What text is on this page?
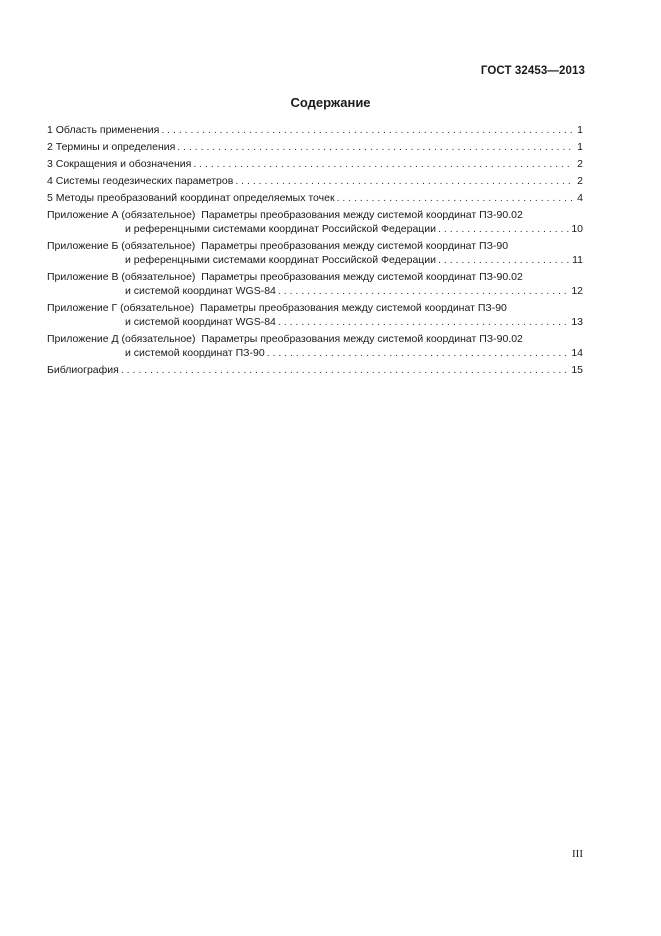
ГОСТ 32453—2013
Содержание
1 Область применения . . .	1
2 Термины и определения . . .	1
3 Сокращения и обозначения . . .	2
4 Системы геодезических параметров . . .	2
5 Методы преобразований координат определяемых точек . . .	4
Приложение А (обязательное) Параметры преобразования между системой координат ПЗ-90.02
и референцными системами координат Российской Федерации . . .	10
Приложение Б (обязательное) Параметры преобразования между системой координат ПЗ-90
и референцными системами координат Российской Федерации . . .	11
Приложение В (обязательное) Параметры преобразования между системой координат ПЗ-90.02
и системой координат WGS-84 . . .	12
Приложение Г (обязательное) Параметры преобразования между системой координат ПЗ-90
и системой координат WGS-84 . . .	13
Приложение Д (обязательное) Параметры преобразования между системой координат ПЗ-90.02
и системой координат ПЗ-90 . . .	14
Библиография . . .	15
III
